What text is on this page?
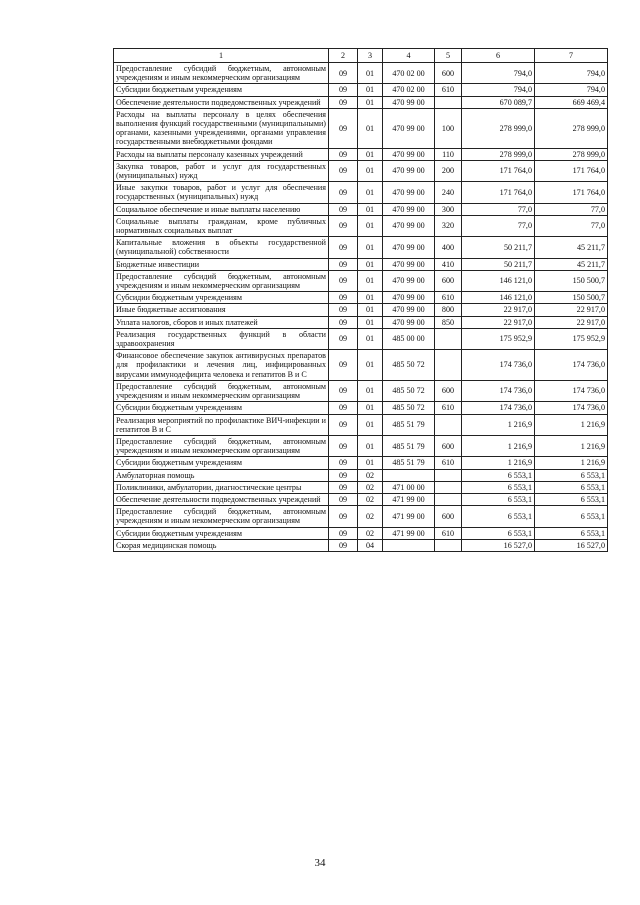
1	2	3	4	5	6	7
Предоставление субсидий бюджетным, автономным учреждениям и иным некоммерческим организациям	09	01	470 02 00	600	794,0	794,0
Субсидии бюджетным учреждениям	09	01	470 02 00	610	794,0	794,0
Обеспечение деятельности подведомственных учреждений	09	01	470 99 00		670 089,7	669 469,4
Расходы на выплаты персоналу в целях обеспечения выполнения функций государственными (муниципальными) органами, казенными учреждениями, органами управления государственными внебюджетными фондами	09	01	470 99 00	100	278 999,0	278 999,0
Расходы на выплаты персоналу казенных учреждений	09	01	470 99 00	110	278 999,0	278 999,0
Закупка товаров, работ и услуг для государственных (муниципальных) нужд	09	01	470 99 00	200	171 764,0	171 764,0
Иные закупки товаров, работ и услуг для обеспечения государственных (муниципальных) нужд	09	01	470 99 00	240	171 764,0	171 764,0
Социальное обеспечение и иные выплаты населению	09	01	470 99 00	300	77,0	77,0
Социальные выплаты гражданам, кроме публичных нормативных социальных выплат	09	01	470 99 00	320	77,0	77,0
Капитальные вложения в объекты государственной (муниципальной) собственности	09	01	470 99 00	400	50 211,7	45 211,7
Бюджетные инвестиции	09	01	470 99 00	410	50 211,7	45 211,7
Предоставление субсидий бюджетным, автономным учреждениям и иным некоммерческим организациям	09	01	470 99 00	600	146 121,0	150 500,7
Субсидии бюджетным учреждениям	09	01	470 99 00	610	146 121,0	150 500,7
Иные бюджетные ассигнования	09	01	470 99 00	800	22 917,0	22 917,0
Уплата налогов, сборов и иных платежей	09	01	470 99 00	850	22 917,0	22 917,0
Реализация государственных функций в области здравоохранения	09	01	485 00 00		175 952,9	175 952,9
Финансовое обеспечение закупок антивирусных препаратов для профилактики и лечения лиц, инфицированных вирусами иммунодефицита человека и гепатитов В и С	09	01	485 50 72		174 736,0	174 736,0
Предоставление субсидий бюджетным, автономным учреждениям и иным некоммерческим организациям	09	01	485 50 72	600	174 736,0	174 736,0
Субсидии бюджетным учреждениям	09	01	485 50 72	610	174 736,0	174 736,0
Реализация мероприятий по профилактике ВИЧ-инфекции и гепатитов В и С	09	01	485 51 79		1 216,9	1 216,9
Предоставление субсидий бюджетным, автономным учреждениям и иным некоммерческим организациям	09	01	485 51 79	600	1 216,9	1 216,9
Субсидии бюджетным учреждениям	09	01	485 51 79	610	1 216,9	1 216,9
Амбулаторная помощь	09	02			6 553,1	6 553,1
Поликлиники, амбулатории, диагностические центры	09	02	471 00 00		6 553,1	6 553,1
Обеспечение деятельности подведомственных учреждений	09	02	471 99 00		6 553,1	6 553,1
Предоставление субсидий бюджетным, автономным учреждениям и иным некоммерческим организациям	09	02	471 99 00	600	6 553,1	6 553,1
Субсидии бюджетным учреждениям	09	02	471 99 00	610	6 553,1	6 553,1
Скорая медицинская помощь	09	04			16 527,0	16 527,0
34
